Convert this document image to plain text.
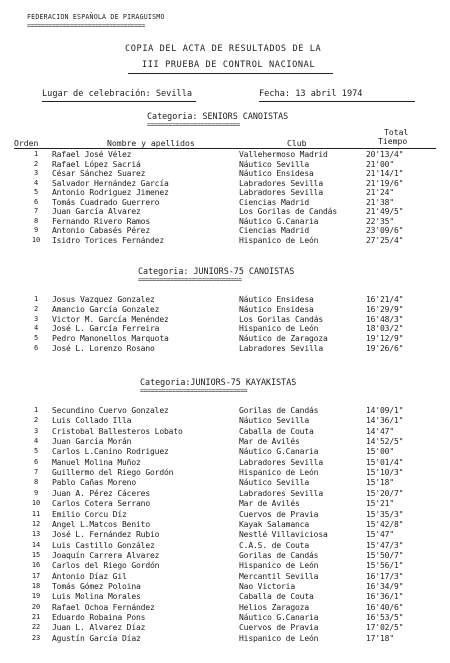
FEDERACION ESPAÑOLA DE PIRAGUISMO
=================================
COPIA DEL ACTA DE RESULTADOS DE LA
III PRUEBA DE CONTROL NACIONAL
Lugar de celebración: Sevilla	Fecha: 13 abril 1974
Categoria: SENIORS CANOISTAS
==========================
Total
Orden	Nombre y apellidos	Club	Tiempo
1	Rafael José Vélez	Vallehermoso Madrid	20'13/4"
2	Rafael López Sacriá	Náutico Sevilla	21'00"
3	César Sánchez Suarez	Náutico Ensidesa	21'14/1"
4	Salvador Hernández García	Labradores Sevilla	21'19/6"
5	Antonio Rodriguez Jimenez	Labradores Sevilla	21'24"
6	Tomás Cuadrado Guerrero	Ciencias Madrid	21'38"
7	Juan García Alvarez	Los Gorilas de Candás	21'49/5"
8	Fernando Rivero Ramos	Náutico G.Canaria	22'35"
9	Antonio Cabasés Pérez	Ciencias Madrid	23'09/6"
10	Isidro Torices Fernández	Hispanico de León	27'25/4"
Categoria: JUNIORS-75 CANOISTAS
=============================
1	Josus Vazquez Gonzalez	Náutico Ensidesa	16'21/4"
2	Amancio García Gonzalez	Náutico Ensidesa	16'29/9"
3	Victor M. García Menéndez	Los Gorilas Candás	16'48/3"
4	José L. García Ferreira	Hispanico de León	18'03/2"
5	Pedro Manonellos Marquota	Náutico de Zaragoza	19'12/9"
6	José L. Lorenzo Rosano	Labradores Sevilla	19'26/6"
Categoria:JUNIORS-75 KAYAKISTAS
==============================
1	Secundino Cuervo Gonzalez	Gorilas de Candás	14'09/1"
2	Luis Collado Illa	Náutico Sevilla	14'36/1"
3	Cristobal Ballesteros Lobato	Caballa de Couta	14'47"
4	Juan García Morán	Mar de Avilés	14'52/5"
5	Carlos L.Canino Rodriguez	Náutico G.Canaria	15'00"
6	Manuel Molina Muñoz	Labradores Sevilla	15'01/4"
7	Guillermo del Riego Gordón	Hispanico de León	15'10/3"
8	Pablo Cañas Moreno	Náutico Sevilla	15'18"
9	Juan A. Pérez Cáceres	Labradores Sevilla	15'20/7"
10	Carlos Cotera Serrano	Mar de Avilés	15'21"
11	Emilio Corcu Díz	Cuervos de Pravia	15'35/3"
12	Angel L.Matcos Benito	Kayak Salamanca	15'42/8"
13	José L. Fernández Rubio	Nestlé Villaviciosa	15'47"
14	Luis Castillo González	C.A.S. de Couta	15'47/3"
15	Joaquín Carrera Alvarez	Gorilas de Candás	15'50/7"
16	Carlos del Riego Gordón	Hispanico de León	15'56/1"
17	Antonio Díaz Gil	Mercantil Sevilla	16'17/3"
18	Tomás Gómez Poloina	Nao Victoria	16'34/9"
19	Luis Molina Morales	Caballa de Couta	16'36/1"
20	Rafael Ochoa Fernández	Helios Zaragoza	16'40/6"
21	Eduardo Robaina Pons	Náutico G.Canaria	16'53/5"
22	Juan L. Alvarez Díaz	Cuervos de Pravia	17'02/5"
23	Agustín García Díaz	Hispanico de León	17'18"
